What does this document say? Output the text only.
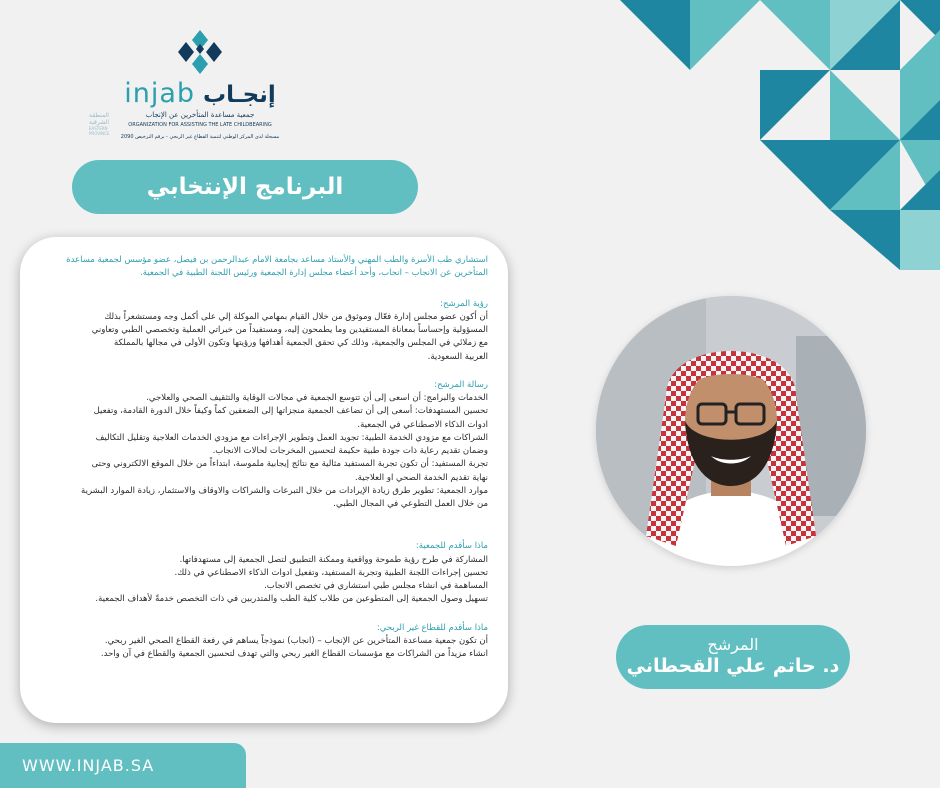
injab إنجـاب
جمعية مساعدة المتأخرين عن الإنجاب
ORGANIZATION FOR ASSISTING THE LATE CHILDBEARING
المنطقة الشرقية
EASTERN PROVINCE
مسجلة لدى المركز الوطني لتنمية القطاع غير الربحي - برقم الترخيص 2090
البرنامج الإنتخابي

استشاري طب الأسرة والطب المهني والأستاذ مساعد بجامعة الامام عبدالرحمن بن فيصل، عضو مؤسس لجمعية مساعدة المتأخرين عن الانجاب – انجاب، وأحد أعضاء مجلس إدارة الجمعية ورئيس اللجنة الطبية في الجمعية.

رؤية المرشح:

أن أكون عضو مجلس إدارة فعّال وموثوق من خلال القيام بمهامي الموكلة إلي على أكمل وجه ومستشعراً بذلك

المسؤولية وإحساساً بمعاناة المستفيدين وما يطمحون إليه، ومستفيداً من خبراتي العملية وتخصصي الطبي وتعاوني

مع زملائي في المجلس والجمعية، وذلك كي تحقق الجمعية أهدافها ورؤيتها وتكون الأولى في مجالها بالمملكة

العربية السعودية.

رسالة المرشح:

الخدمات والبرامج: أن اسعى إلى أن تتوسع الجمعية في مجالات الوقاية والتثقيف الصحي والعلاجي.

تحسين المستهدفات: أسعى إلى أن تضاعف الجمعية منجزاتها إلى الضعفين كماً وكيفاً خلال الدورة القادمة، وتفعيل

ادوات الذكاء الاصطناعي في الجمعية.

الشراكات مع مزودي الخدمة الطبية: تجويد العمل وتطوير الإجراءات مع مزودي الخدمات العلاجية وتقليل التكاليف

وضمان تقديم رعاية ذات جودة طبية حكيمة لتحسين المخرجات لحالات الانجاب.

تجربة المستفيد: أن تكون تجربة المستفيد مثالية مع نتائج إيجابية ملموسة، ابتداءاً من خلال الموقع الالكتروني وحتى

نهاية تقديم الخدمة الصحي او العلاجية.

موارد الجمعية: تطوير طرق زيادة الإيرادات من خلال التبرعات والشراكات والاوقاف والاستثمار، زيادة الموارد البشرية

من خلال العمل التطوعي في المجال الطبي.

ماذا سأقدم للجمعية:

المشاركة في طرح رؤية طموحة وواقعية وممكنة التطبيق لتصل الجمعية إلى مستهدفاتها.

تحسين إجراءات اللجنة الطبية وتجربة المستفيد، وتفعيل ادوات الذكاء الاصطناعي في ذلك.

المساهمة في انشاء مجلس طبي استشاري في تخصص الانجاب.

تسهيل وصول الجمعية إلى المتطوعين من طلاب كلية الطب والمتدربين في ذات التخصص خدمةً لأهداف الجمعية.

ماذا سأقدم للقطاع غير الربحي:

أن تكون جمعية مساعدة المتأخرين عن الإنجاب – (انجاب) نموذجاً يساهم في رفعة القطاع الصحي الغير ربحي.

انشاء مزيداً من الشراكات مع مؤسسات القطاع الغير ربحي والتي تهدف لتحسين الجمعية والقطاع في آن واحد.	المرشح
د. حاتم علي القحطاني
WWW.INJAB.SA
